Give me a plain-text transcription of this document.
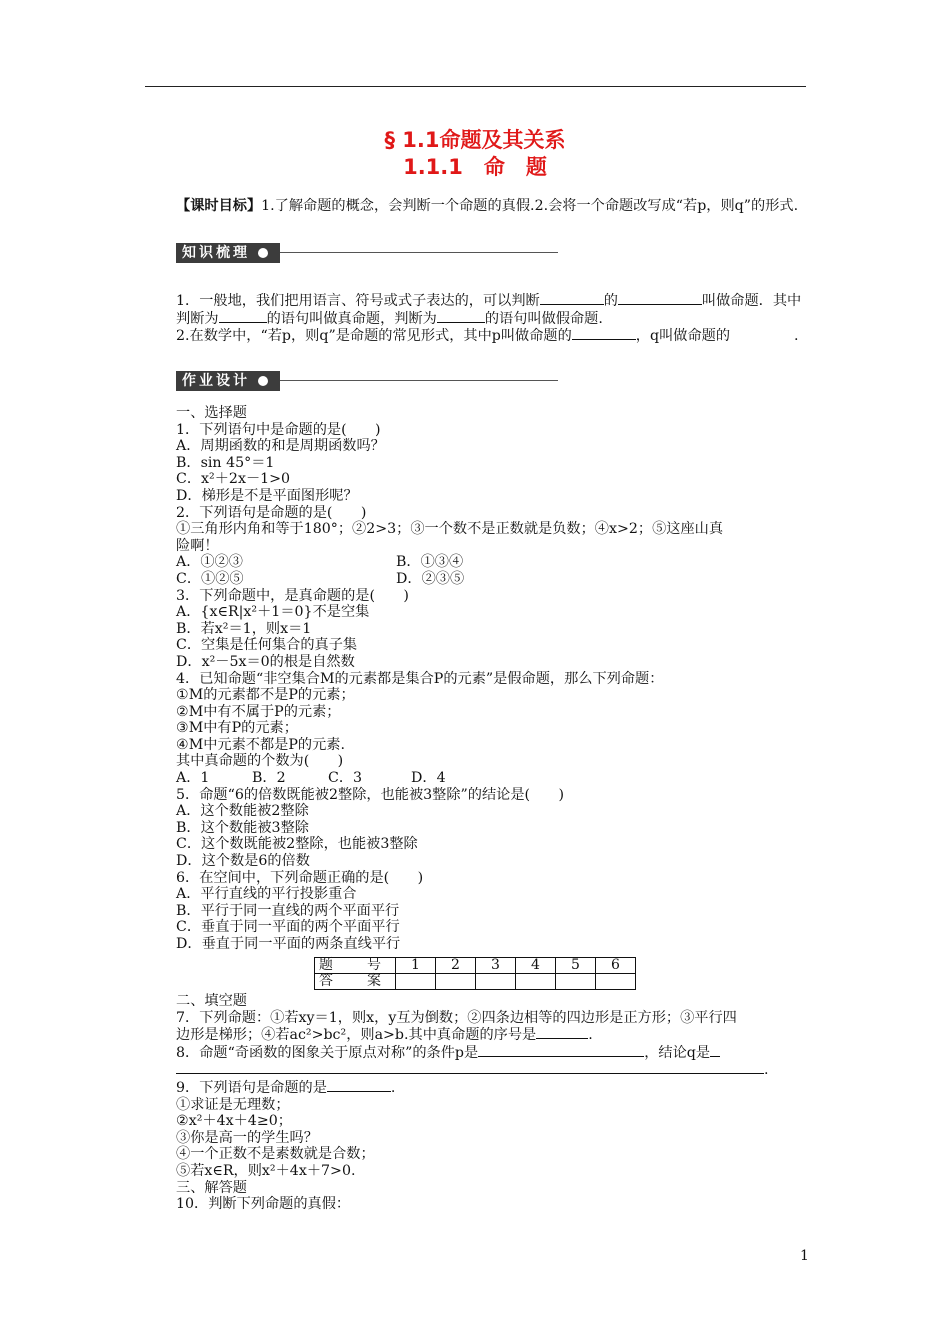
§ 1.1命题及其关系
1.1.1　命　题

【课时目标】1.了解命题的概念，会判断一个命题的真假.2.会将一个命题改写成“若p，则q”的形式.

知识梳理

1．一般地，我们把用语言、符号或式子表达的，可以判断	的	叫做命题．其中判断为	的语句叫做真命题，判断为	的语句叫做假命题.

2.在数学中，“若p，则q”是命题的常见形式，其中p叫做命题的	，q叫做命题的	.

作业设计

一、选择题

1．下列语句中是命题的是(　　)

A．周期函数的和是周期函数吗？

B．sin 45°＝1

C．x²＋2x－1>0

D．梯形是不是平面图形呢？

2．下列语句是命题的是(　　)

①三角形内角和等于180°；②2>3；③一个数不是正数就是负数；④x>2；⑤这座山真

险啊！

A．①②③	B．①③④

C．①②⑤	D．②③⑤

3．下列命题中，是真命题的是(　　)

A．{x∈R|x²＋1＝0}不是空集

B．若x²＝1，则x＝1

C．空集是任何集合的真子集

D．x²－5x＝0的根是自然数

4．已知命题“非空集合M的元素都是集合P的元素”是假命题，那么下列命题：

①M的元素都不是P的元素；

②M中有不属于P的元素；

③M中有P的元素；

④M中元素不都是P的元素.

其中真命题的个数为(　　)

A．1	B．2	C．3	D．4

5．命题“6的倍数既能被2整除，也能被3整除”的结论是(　　)

A．这个数能被2整除

B．这个数能被3整除

C．这个数既能被2整除，也能被3整除

D．这个数是6的倍数

6．在空间中，下列命题正确的是(　　)

A．平行直线的平行投影重合

B．平行于同一直线的两个平面平行

C．垂直于同一平面的两个平面平行

D．垂直于同一平面的两条直线平行

题　号	1	2	3	4	5	6
答　案						

二、填空题

7．下列命题：①若xy＝1，则x，y互为倒数；②四条边相等的四边形是正方形；③平行四

边形是梯形；④若ac²>bc²，则a>b.其中真命题的序号是	.

8．命题“奇函数的图象关于原点对称”的条件p是	，结论q是

.

9．下列语句是命题的是	.

①求证是无理数；

②x²＋4x＋4≥0；

③你是高一的学生吗？

④一个正数不是素数就是合数；

⑤若x∈R，则x²＋4x＋7>0.

三、解答题

10．判断下列命题的真假：

1
